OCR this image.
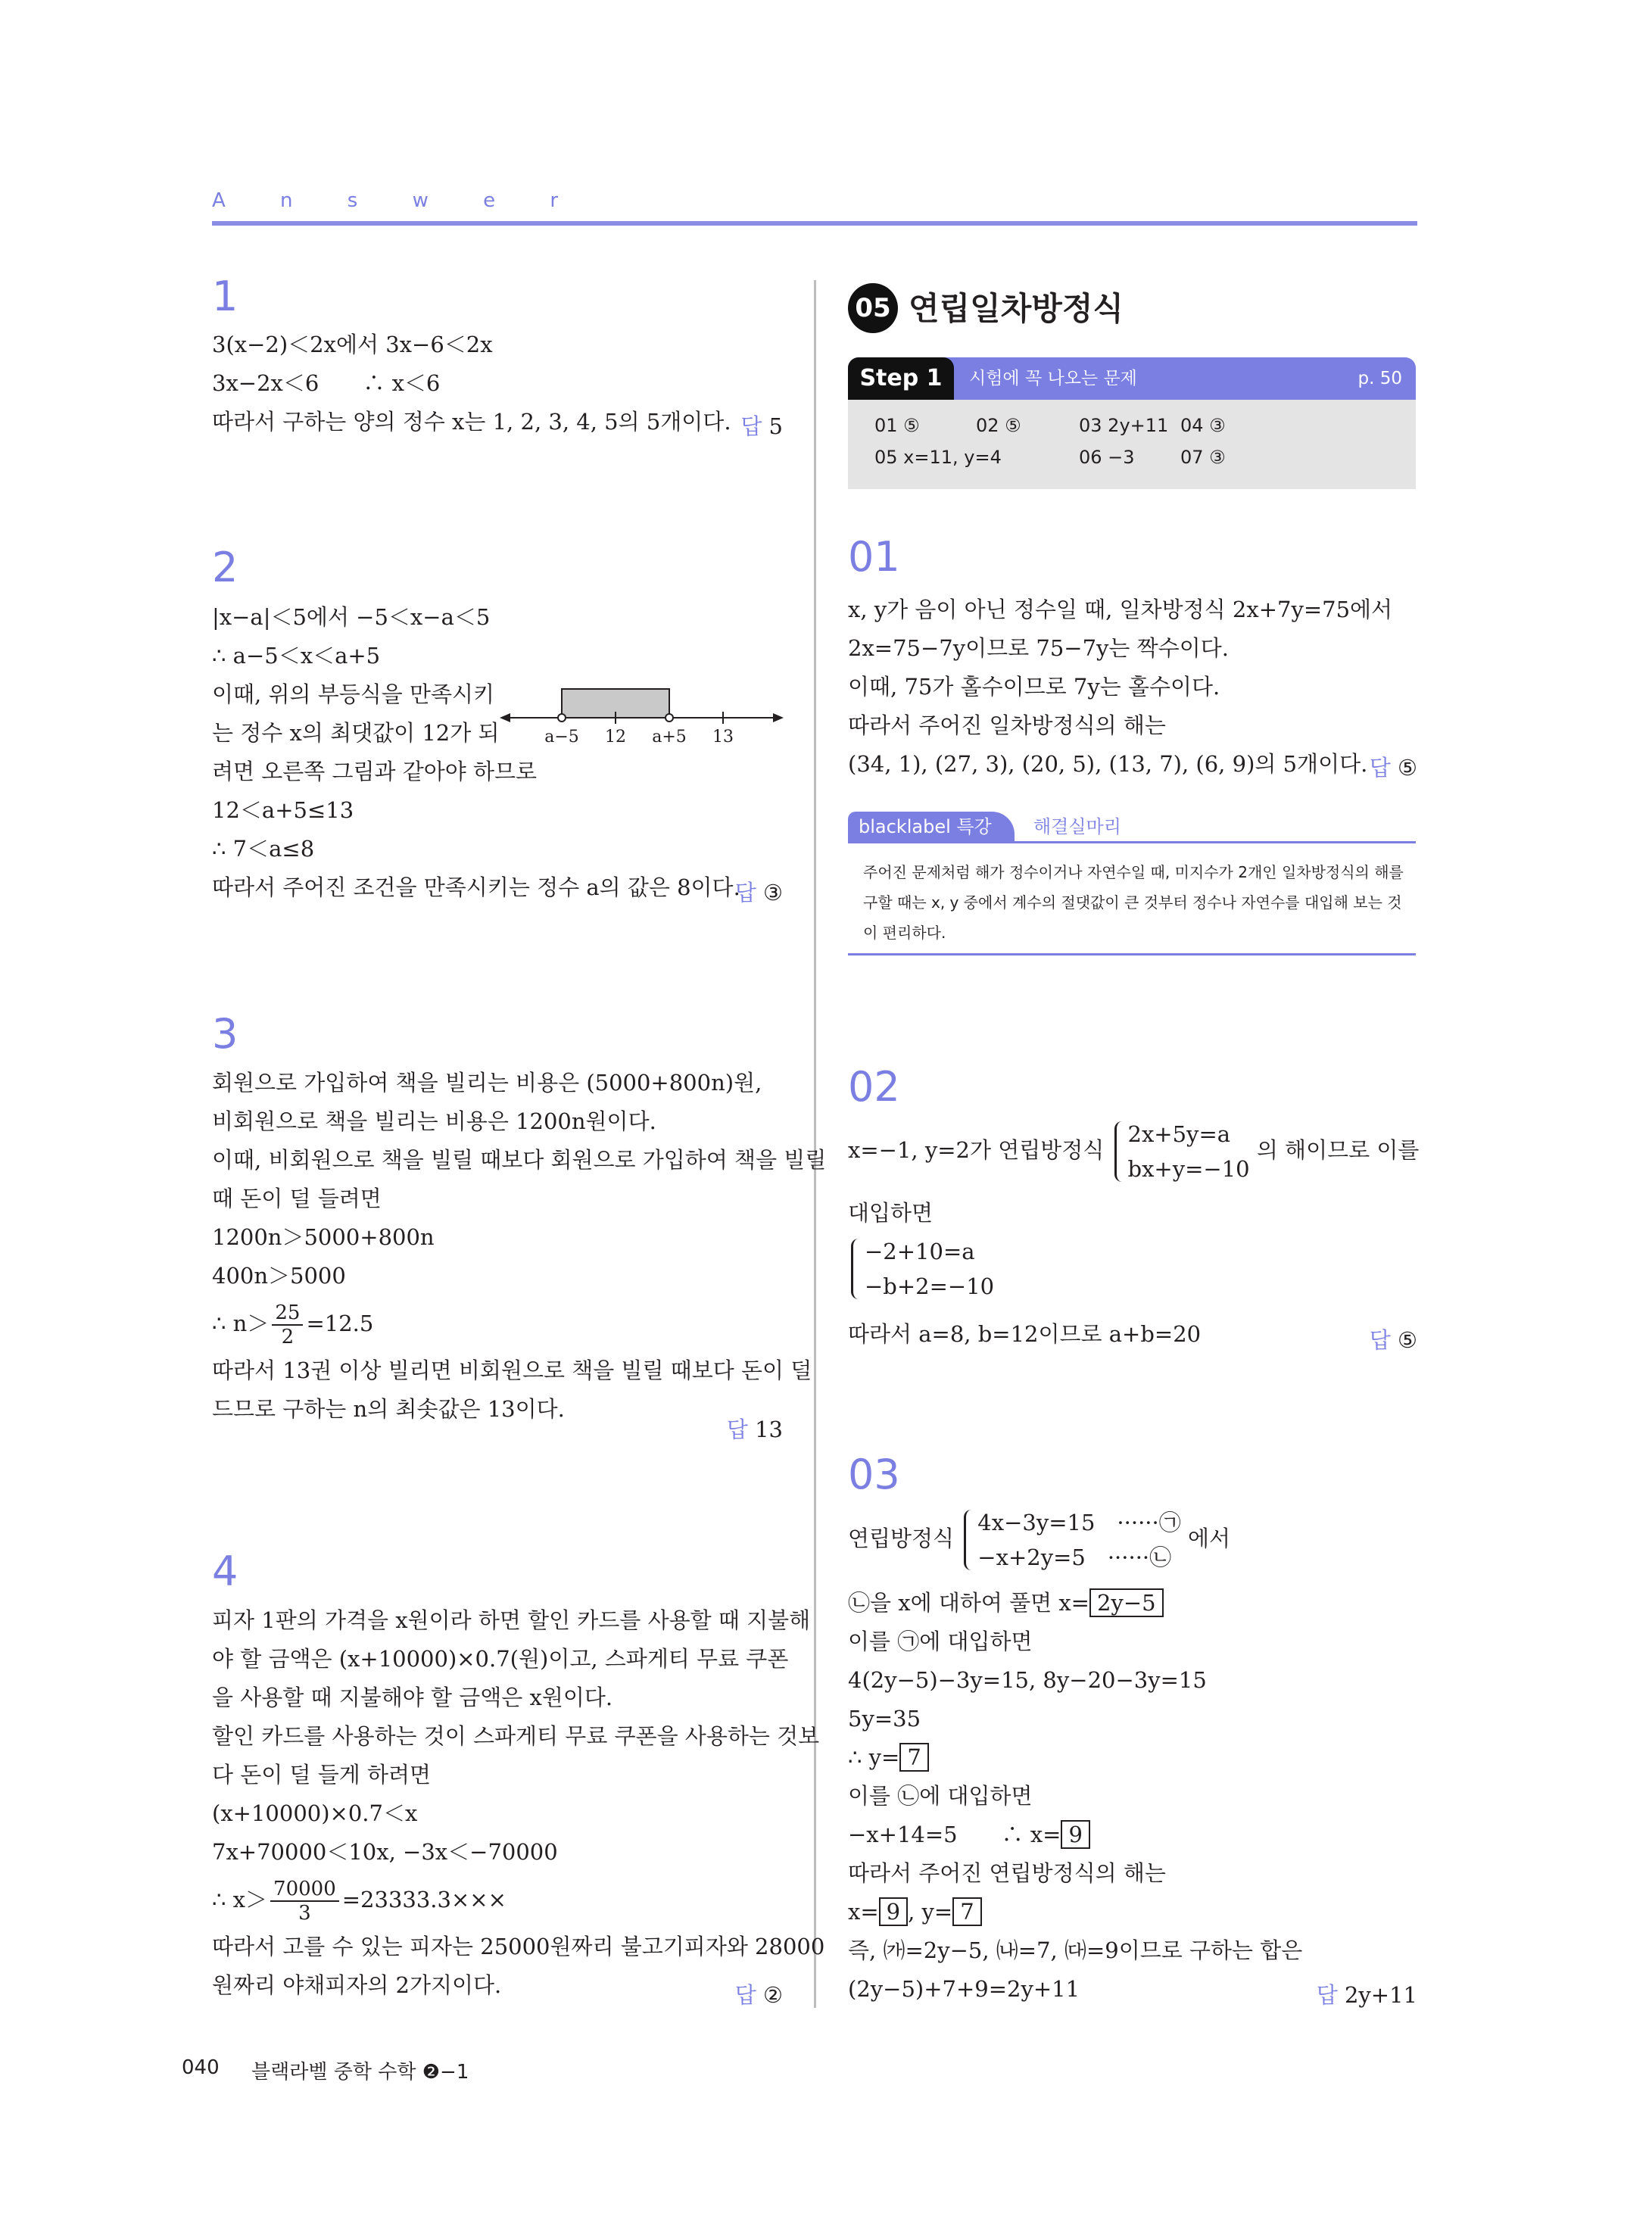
A n s w e r
1
3(x−2)＜2x에서 3x−6＜2x
3x−2x＜6　　∴ x＜6
따라서 구하는 양의 정수 x는 1, 2, 3, 4, 5의 5개이다. 답 5
2
|x−a|＜5에서 −5＜x−a＜5
∴ a−5＜x＜a+5
이때, 위의 부등식을 만족시키
는 정수 x의 최댓값이 12가 되
려면 오른쪽 그림과 같아야 하므로
12＜a+5≤13
∴ 7＜a≤8
따라서 주어진 조건을 만족시키는 정수 a의 값은 8이다.
a−5 12 a+5 13
답 ③
3
회원으로 가입하여 책을 빌리는 비용은 (5000+800n)원,
비회원으로 책을 빌리는 비용은 1200n원이다.
이때, 비회원으로 책을 빌릴 때보다 회원으로 가입하여 책을 빌릴
때 돈이 덜 들려면
1200n＞5000+800n
400n＞5000
∴ $n> \frac{25}{2} =12.5$
따라서 13권 이상 빌리면 비회원으로 책을 빌릴 때보다 돈이 덜
드므로 구하는 n의 최솟값은 13이다.
답 13
4
피자 1판의 가격을 x원이라 하면 할인 카드를 사용할 때 지불해
야 할 금액은 (x+10000)×0.7(원)이고, 스파게티 무료 쿠폰
을 사용할 때 지불해야 할 금액은 x원이다.
할인 카드를 사용하는 것이 스파게티 무료 쿠폰을 사용하는 것보
다 돈이 덜 들게 하려면
(x+10000)×0.7＜x
7x+70000＜10x, −3x＜−70000
∴ $x> \frac{70000}{3} =23333.3\times\times\times$
따라서 고를 수 있는 피자는 25000원짜리 불고기피자와 28000
원짜리 야채피자의 2가지이다.	답 ②
05 연립일차방정식
Step 1	시험에 꼭 나오는 문제	p. 50
01 ⑤	02 ⑤	03 2y+11 04 ③
05 x=11, y=4	06 −3	07 ③
01
x, y가 음이 아닌 정수일 때, 일차방정식 2x+7y=75에서
2x=75−7y이므로 75−7y는 짝수이다.
이때, 75가 홀수이므로 7y는 홀수이다.
따라서 주어진 일차방정식의 해는
(34, 1), (27, 3), (20, 5), (13, 7), (6, 9)의 5개이다. 답 ⑤
blacklabel 특강	해결실마리
주어진 문제처럼 해가 정수이거나 자연수일 때, 미지수가 2개인 일차방정식의 해를
구할 때는 x, y 중에서 계수의 절댓값이 큰 것부터 정수나 자연수를 대입해 보는 것
이 편리하다.
02
x=−1, y=2가 연립방정식
2x+5y=a
bx+y=−10
의 해이므로 이를
대입하면
−2+10=a
−b+2=−10
따라서 a=8, b=12이므로 a+b=20	답 ⑤
03
연립방정식
4x−3y=15　······㉠
−x+2y=5　······㉡
에서
㉡을 x에 대하여 풀면 x= 2y−5
이를 ㉠에 대입하면
4(2y−5)−3y=15, 8y−20−3y=15
5y=35
∴ y= 7
이를 ㉡에 대입하면
−x+14=5　　∴ x= 9
따라서 주어진 연립방정식의 해는
x= 9 , y= 7
즉, ㈎=2y−5, ㈏=7, ㈐=9이므로 구하는 합은
(2y−5)+7+9=2y+11	답 2y+11
040 블랙라벨 중학 수학 ❷−1
